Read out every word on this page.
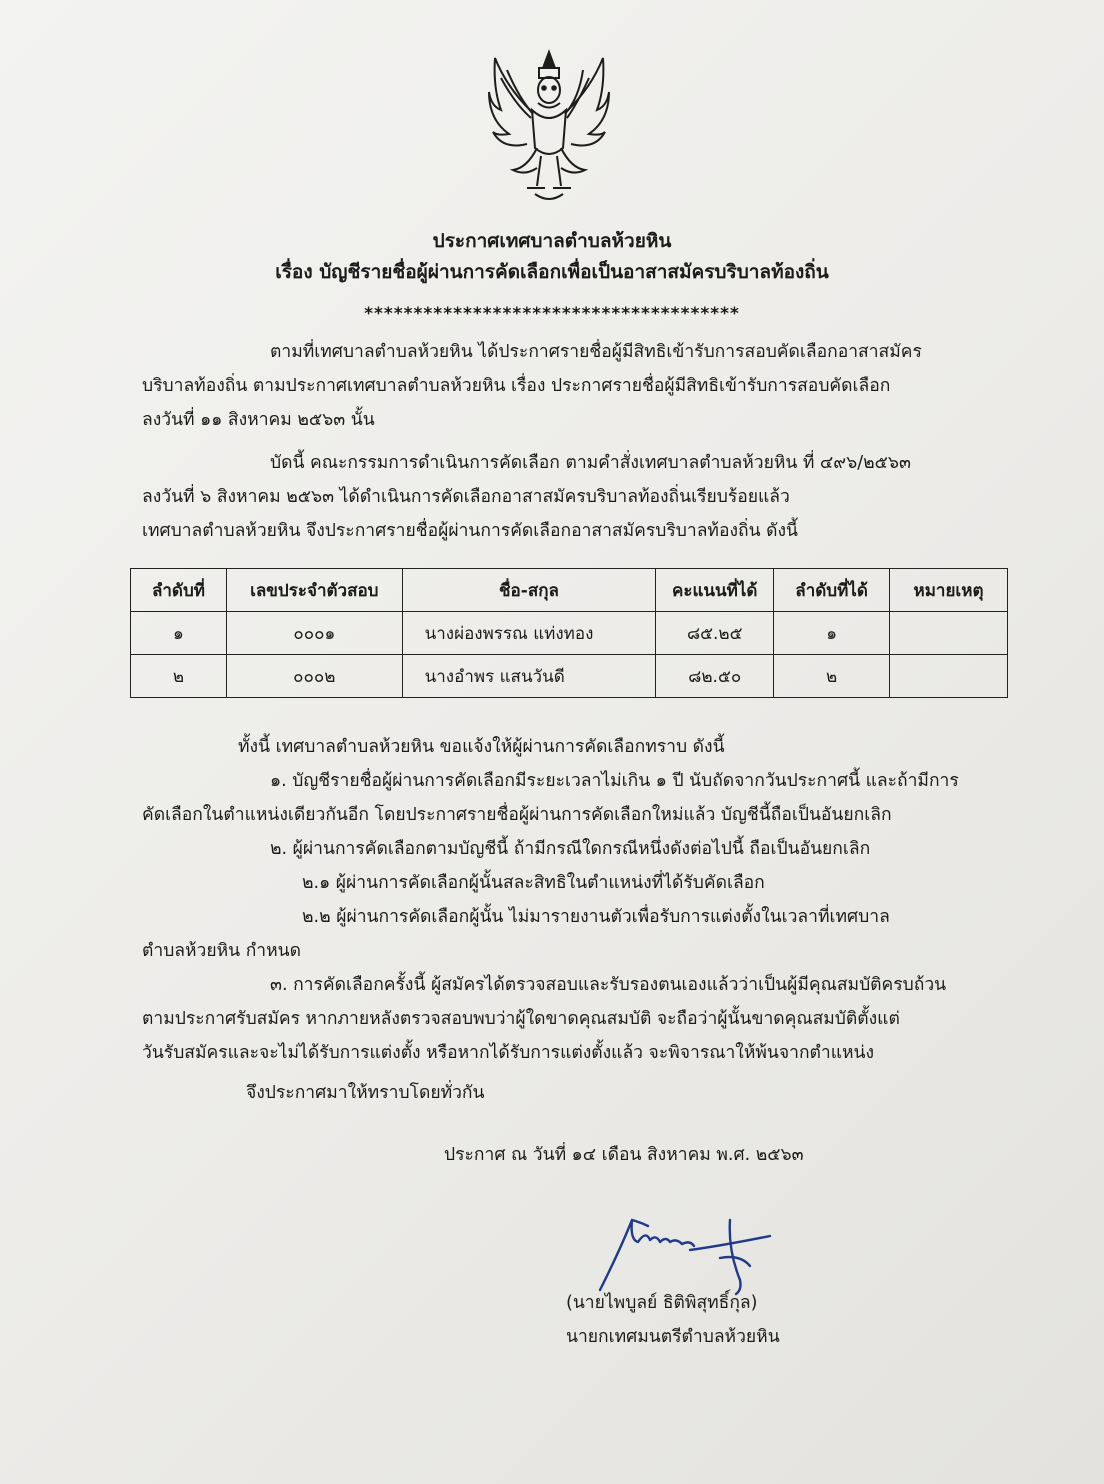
ประกาศเทศบาลตำบลห้วยหิน
เรื่อง บัญชีรายชื่อผู้ผ่านการคัดเลือกเพื่อเป็นอาสาสมัครบริบาลท้องถิ่น
**************************************
ตามที่เทศบาลตำบลห้วยหิน ได้ประกาศรายชื่อผู้มีสิทธิเข้ารับการสอบคัดเลือกอาสาสมัคร
บริบาลท้องถิ่น ตามประกาศเทศบาลตำบลห้วยหิน เรื่อง ประกาศรายชื่อผู้มีสิทธิเข้ารับการสอบคัดเลือก
ลงวันที่ ๑๑ สิงหาคม ๒๕๖๓ นั้น
บัดนี้ คณะกรรมการดำเนินการคัดเลือก ตามคำสั่งเทศบาลตำบลห้วยหิน ที่ ๔๙๖/๒๕๖๓
ลงวันที่ ๖ สิงหาคม ๒๕๖๓ ได้ดำเนินการคัดเลือกอาสาสมัครบริบาลท้องถิ่นเรียบร้อยแล้ว
เทศบาลตำบลห้วยหิน จึงประกาศรายชื่อผู้ผ่านการคัดเลือกอาสาสมัครบริบาลท้องถิ่น ดังนี้
ลำดับที่	เลขประจำตัวสอบ	ชื่อ-สกุล	คะแนนที่ได้	ลำดับที่ได้	หมายเหตุ
๑	๐๐๐๑	นางผ่องพรรณ แท่งทอง	๘๕.๒๕	๑	
๒	๐๐๐๒	นางอำพร แสนวันดี	๘๒.๕๐	๒	
ทั้งนี้ เทศบาลตำบลห้วยหิน ขอแจ้งให้ผู้ผ่านการคัดเลือกทราบ ดังนี้
๑. บัญชีรายชื่อผู้ผ่านการคัดเลือกมีระยะเวลาไม่เกิน ๑ ปี นับถัดจากวันประกาศนี้ และถ้ามีการ
คัดเลือกในตำแหน่งเดียวกันอีก โดยประกาศรายชื่อผู้ผ่านการคัดเลือกใหม่แล้ว บัญชีนี้ถือเป็นอันยกเลิก
๒. ผู้ผ่านการคัดเลือกตามบัญชีนี้ ถ้ามีกรณีใดกรณีหนึ่งดังต่อไปนี้ ถือเป็นอันยกเลิก
๒.๑ ผู้ผ่านการคัดเลือกผู้นั้นสละสิทธิในตำแหน่งที่ได้รับคัดเลือก
๒.๒ ผู้ผ่านการคัดเลือกผู้นั้น ไม่มารายงานตัวเพื่อรับการแต่งตั้งในเวลาที่เทศบาล
ตำบลห้วยหิน กำหนด
๓. การคัดเลือกครั้งนี้ ผู้สมัครได้ตรวจสอบและรับรองตนเองแล้วว่าเป็นผู้มีคุณสมบัติครบถ้วน
ตามประกาศรับสมัคร หากภายหลังตรวจสอบพบว่าผู้ใดขาดคุณสมบัติ จะถือว่าผู้นั้นขาดคุณสมบัติตั้งแต่
วันรับสมัครและจะไม่ได้รับการแต่งตั้ง หรือหากได้รับการแต่งตั้งแล้ว จะพิจารณาให้พ้นจากตำแหน่ง
จึงประกาศมาให้ทราบโดยทั่วกัน
ประกาศ ณ วันที่ ๑๔ เดือน สิงหาคม พ.ศ. ๒๕๖๓
(นายไพบูลย์ ธิติพิสุทธิ์กุล)
นายกเทศมนตรีตำบลห้วยหิน
